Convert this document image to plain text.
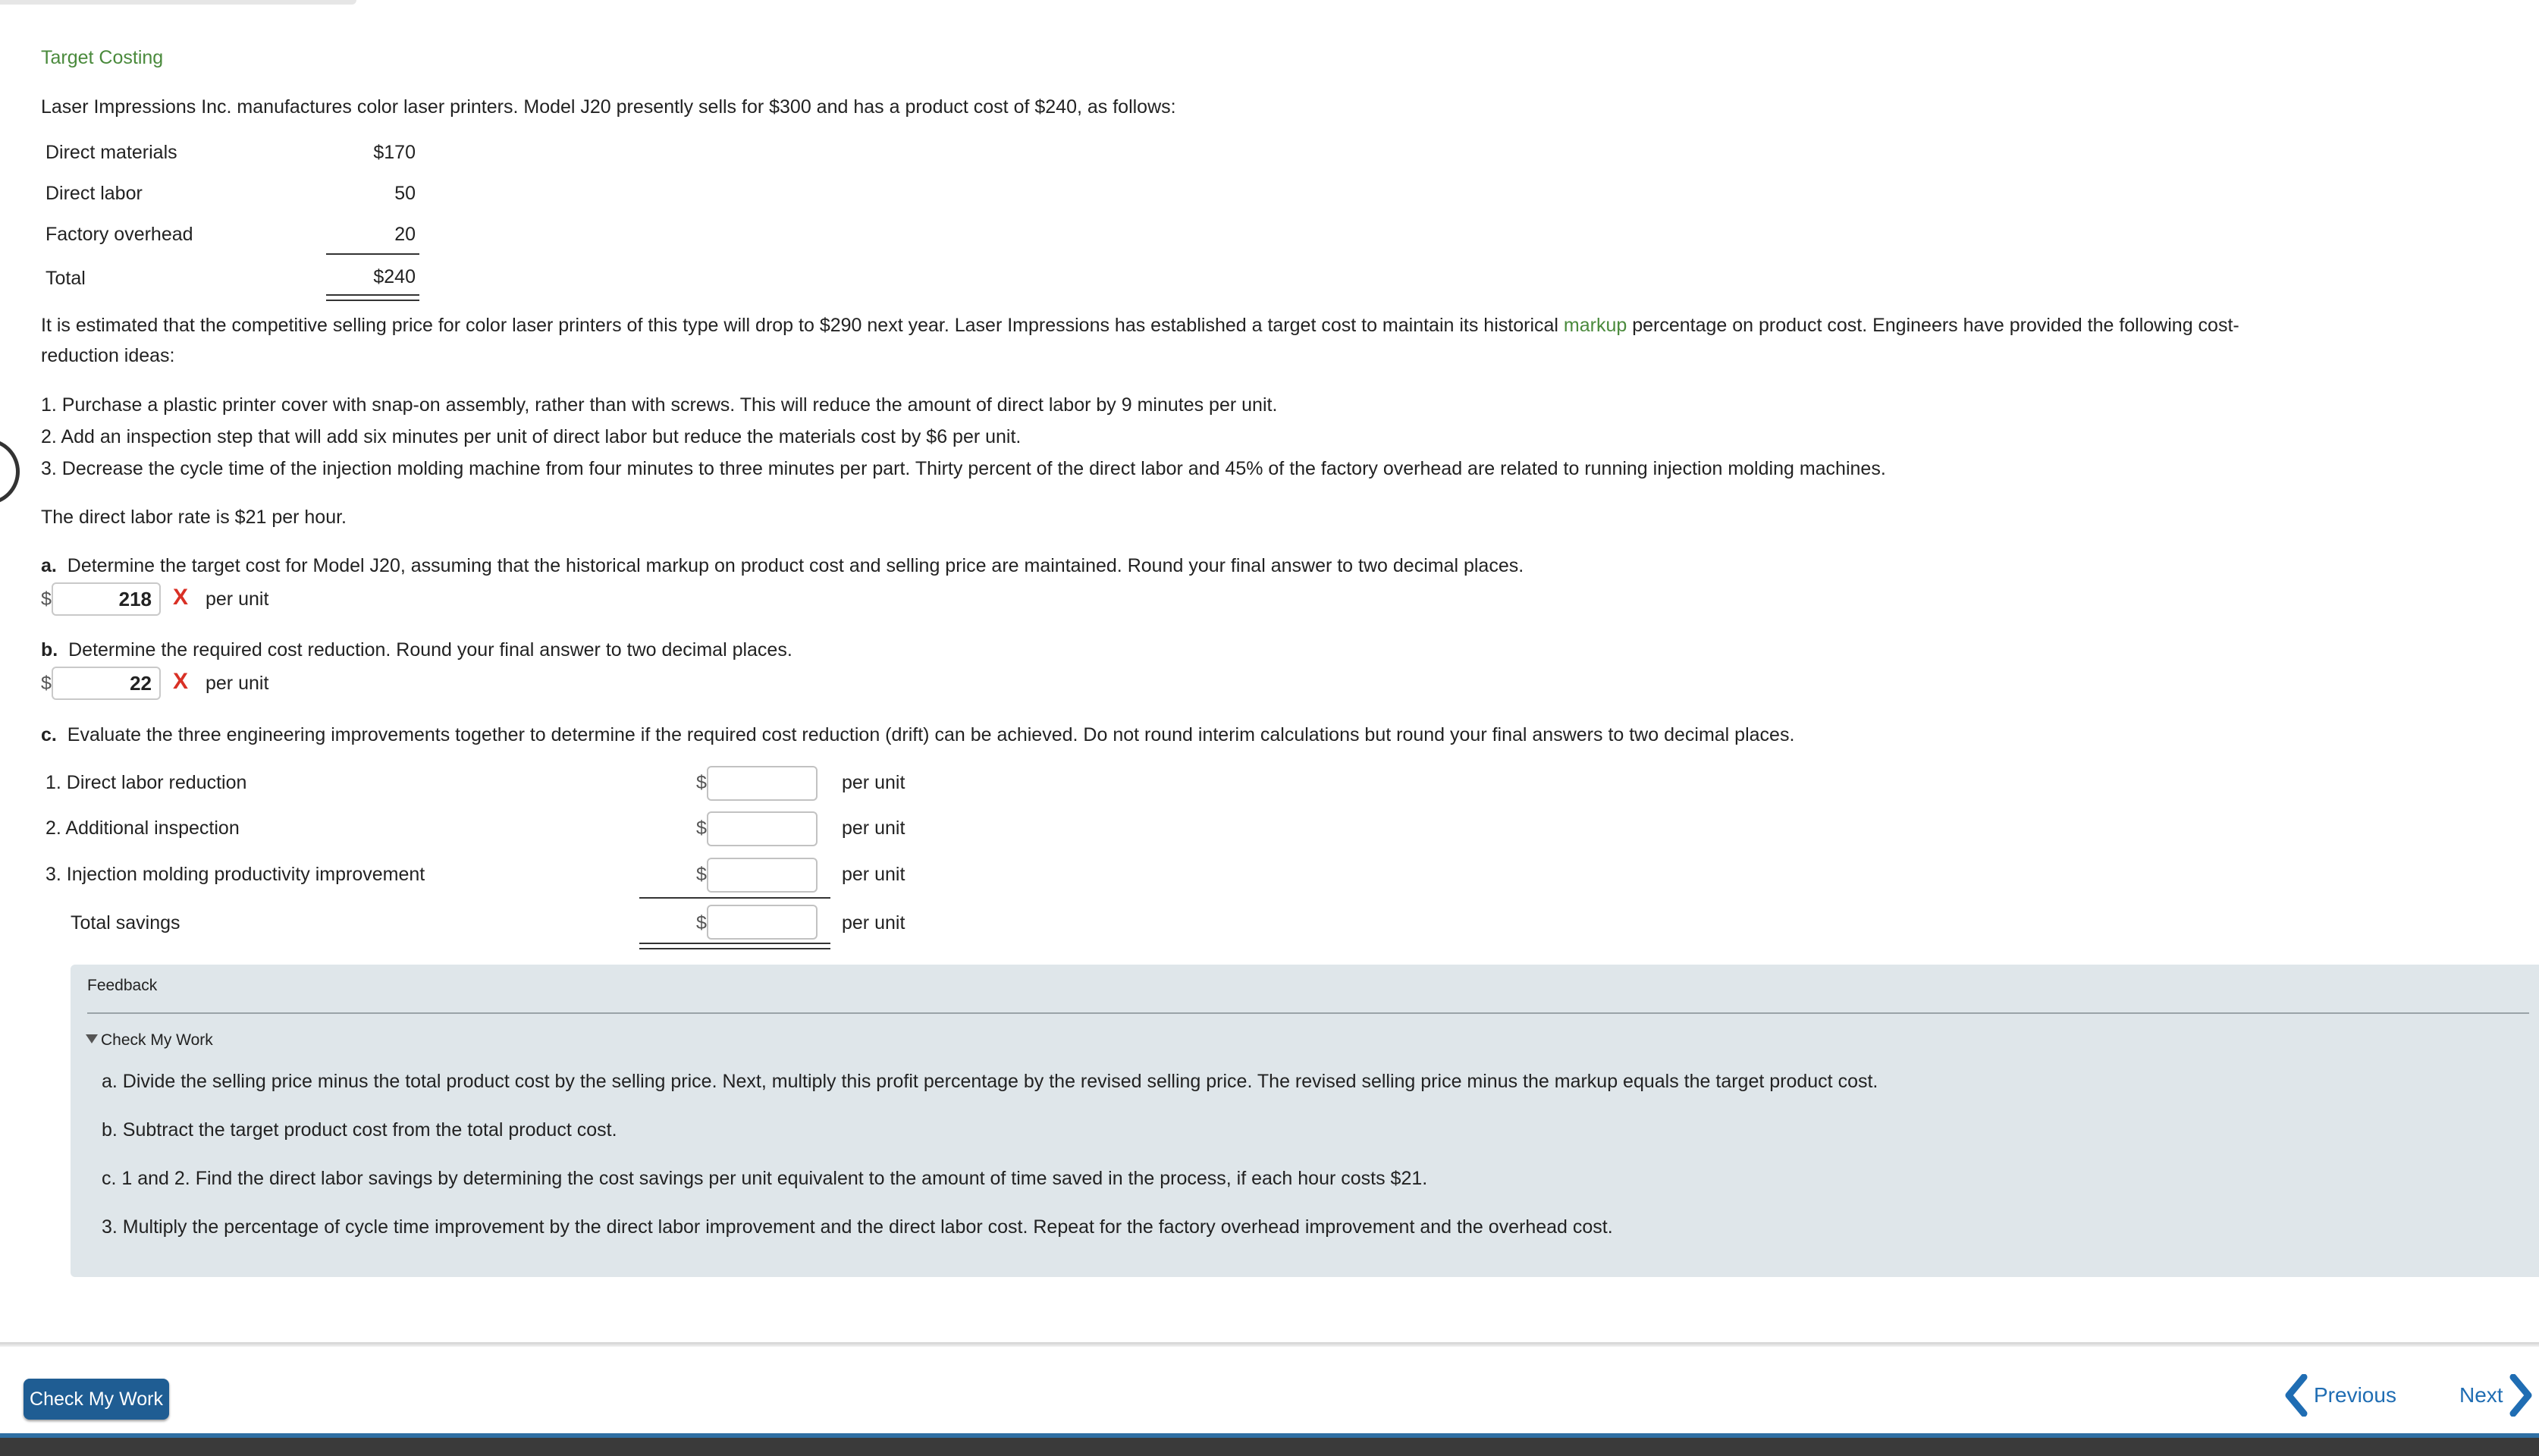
Target Costing
Laser Impressions Inc. manufactures color laser printers. Model J20 presently sells for $300 and has a product cost of $240, as follows:
Direct materials	$170
Direct labor	50
Factory overhead	20
Total	$240
It is estimated that the competitive selling price for color laser printers of this type will drop to $290 next year. Laser Impressions has established a target cost to maintain its historical markup percentage on product cost. Engineers have provided the following cost-
reduction ideas:
1. Purchase a plastic printer cover with snap-on assembly, rather than with screws. This will reduce the amount of direct labor by 9 minutes per unit.
2. Add an inspection step that will add six minutes per unit of direct labor but reduce the materials cost by $6 per unit.
3. Decrease the cycle time of the injection molding machine from four minutes to three minutes per part. Thirty percent of the direct labor and 45% of the factory overhead are related to running injection molding machines.
The direct labor rate is $21 per hour.
a. Determine the target cost for Model J20, assuming that the historical markup on product cost and selling price are maintained. Round your final answer to two decimal places.
$	218 X per unit
b. Determine the required cost reduction. Round your final answer to two decimal places.
$	22 X per unit
c. Evaluate the three engineering improvements together to determine if the required cost reduction (drift) can be achieved. Do not round interim calculations but round your final answers to two decimal places.
1. Direct labor reduction	$	per unit
2. Additional inspection	$	per unit
3. Injection molding productivity improvement	$	per unit
Total savings	$	per unit
Feedback
Check My Work
a. Divide the selling price minus the total product cost by the selling price. Next, multiply this profit percentage by the revised selling price. The revised selling price minus the markup equals the target product cost.
b. Subtract the target product cost from the total product cost.
c. 1 and 2. Find the direct labor savings by determining the cost savings per unit equivalent to the amount of time saved in the process, if each hour costs $21.
3. Multiply the percentage of cycle time improvement by the direct labor improvement and the direct labor cost. Repeat for the factory overhead improvement and the overhead cost.
Check My Work	Previous	Next
